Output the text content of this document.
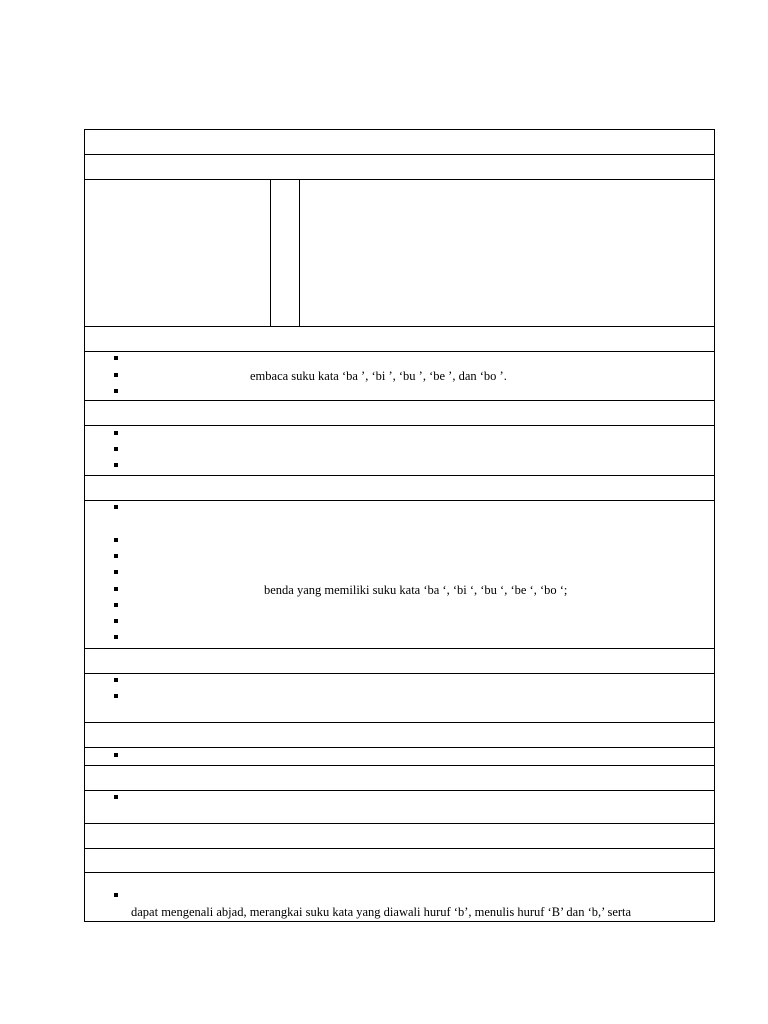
embaca suku kata ‘ba ’, ‘bi ’, ‘bu ’, ‘be ’, dan ‘bo ’.
benda yang memiliki suku kata ‘ba ‘, ‘bi ‘, ‘bu ‘, ‘be ‘, ‘bo ‘;
dapat mengenali abjad, merangkai suku kata yang diawali huruf ‘b’, menulis huruf ‘B’ dan ‘b,’ serta
